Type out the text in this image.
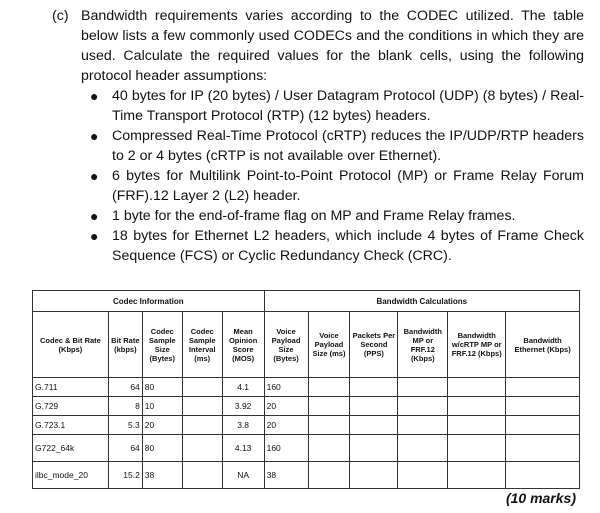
(c) Bandwidth requirements varies according to the CODEC utilized. The table below lists a few commonly used CODECs and the conditions in which they are used. Calculate the required values for the blank cells, using the following protocol header assumptions:

● 40 bytes for IP (20 bytes) / User Datagram Protocol (UDP) (8 bytes) / Real-Time Transport Protocol (RTP) (12 bytes) headers.
● Compressed Real-Time Protocol (cRTP) reduces the IP/UDP/RTP headers to 2 or 4 bytes (cRTP is not available over Ethernet).
● 6 bytes for Multilink Point-to-Point Protocol (MP) or Frame Relay Forum (FRF).12 Layer 2 (L2) header.
● 1 byte for the end-of-frame flag on MP and Frame Relay frames.
● 18 bytes for Ethernet L2 headers, which include 4 bytes of Frame Check Sequence (FCS) or Cyclic Redundancy Check (CRC).
Codec Information					Bandwidth Calculations					
Codec & Bit Rate (Kbps)	Bit Rate (kbps)	Codec Sample Size (Bytes)	Codec Sample Interval (ms)	Mean Opinion Score (MOS)	Voice Payload Size (Bytes)	Voice Payload Size (ms)	Packets Per Second (PPS)	Bandwidth MP or FRF.12 (Kbps)	Bandwidth w/cRTP MP or FRF.12 (Kbps)	Bandwidth Ethernet (Kbps)
G.711	64	80		4.1	160					
G.729	8	10		3.92	20					
G.723.1	5.3	20		3.8	20					
G722_64k	64	80		4.13	160					
ilbc_mode_20	15.2	38		NA	38					
(10 marks)
